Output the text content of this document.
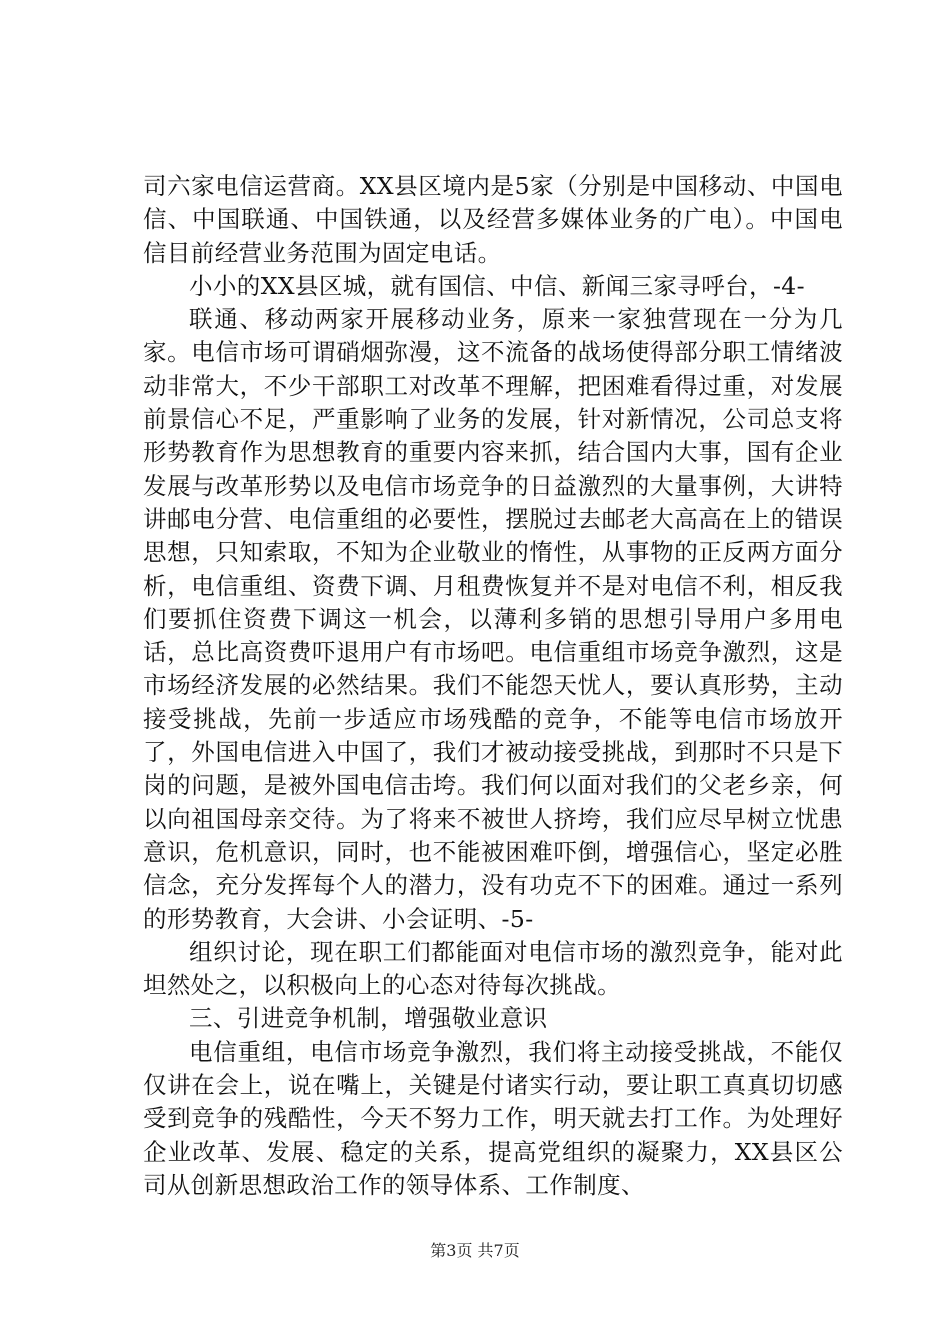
司六家电信运营商。XX县区境内是5家（分别是中国移动、中国电信、中国联通、中国铁通，以及经营多媒体业务的广电）。中国电信目前经营业务范围为固定电话。

小小的XX县区城，就有国信、中信、新闻三家寻呼台，-4-

联通、移动两家开展移动业务，原来一家独营现在一分为几家。电信市场可谓硝烟弥漫，这不流备的战场使得部分职工情绪波动非常大，不少干部职工对改革不理解，把困难看得过重，对发展前景信心不足，严重影响了业务的发展，针对新情况，公司总支将形势教育作为思想教育的重要内容来抓，结合国内大事，国有企业发展与改革形势以及电信市场竞争的日益激烈的大量事例，大讲特讲邮电分营、电信重组的必要性，摆脱过去邮老大高高在上的错误思想，只知索取，不知为企业敬业的惰性，从事物的正反两方面分析，电信重组、资费下调、月租费恢复并不是对电信不利，相反我们要抓住资费下调这一机会，以薄利多销的思想引导用户多用电话，总比高资费吓退用户有市场吧。电信重组市场竞争激烈，这是市场经济发展的必然结果。我们不能怨天忧人，要认真形势，主动接受挑战，先前一步适应市场残酷的竞争，不能等电信市场放开了，外国电信进入中国了，我们才被动接受挑战，到那时不只是下岗的问题，是被外国电信击垮。我们何以面对我们的父老乡亲，何以向祖国母亲交待。为了将来不被世人挤垮，我们应尽早树立忧患意识，危机意识，同时，也不能被困难吓倒，增强信心，坚定必胜信念，充分发挥每个人的潜力，没有功克不下的困难。通过一系列的形势教育，大会讲、小会证明、-5-

组织讨论，现在职工们都能面对电信市场的激烈竞争，能对此坦然处之，以积极向上的心态对待每次挑战。

三、引进竞争机制，增强敬业意识

电信重组，电信市场竞争激烈，我们将主动接受挑战，不能仅仅讲在会上，说在嘴上，关键是付诸实行动，要让职工真真切切感受到竞争的残酷性，今天不努力工作，明天就去打工作。为处理好企业改革、发展、稳定的关系，提高党组织的凝聚力，XX县区公司从创新思想政治工作的领导体系、工作制度、

第3页 共7页
